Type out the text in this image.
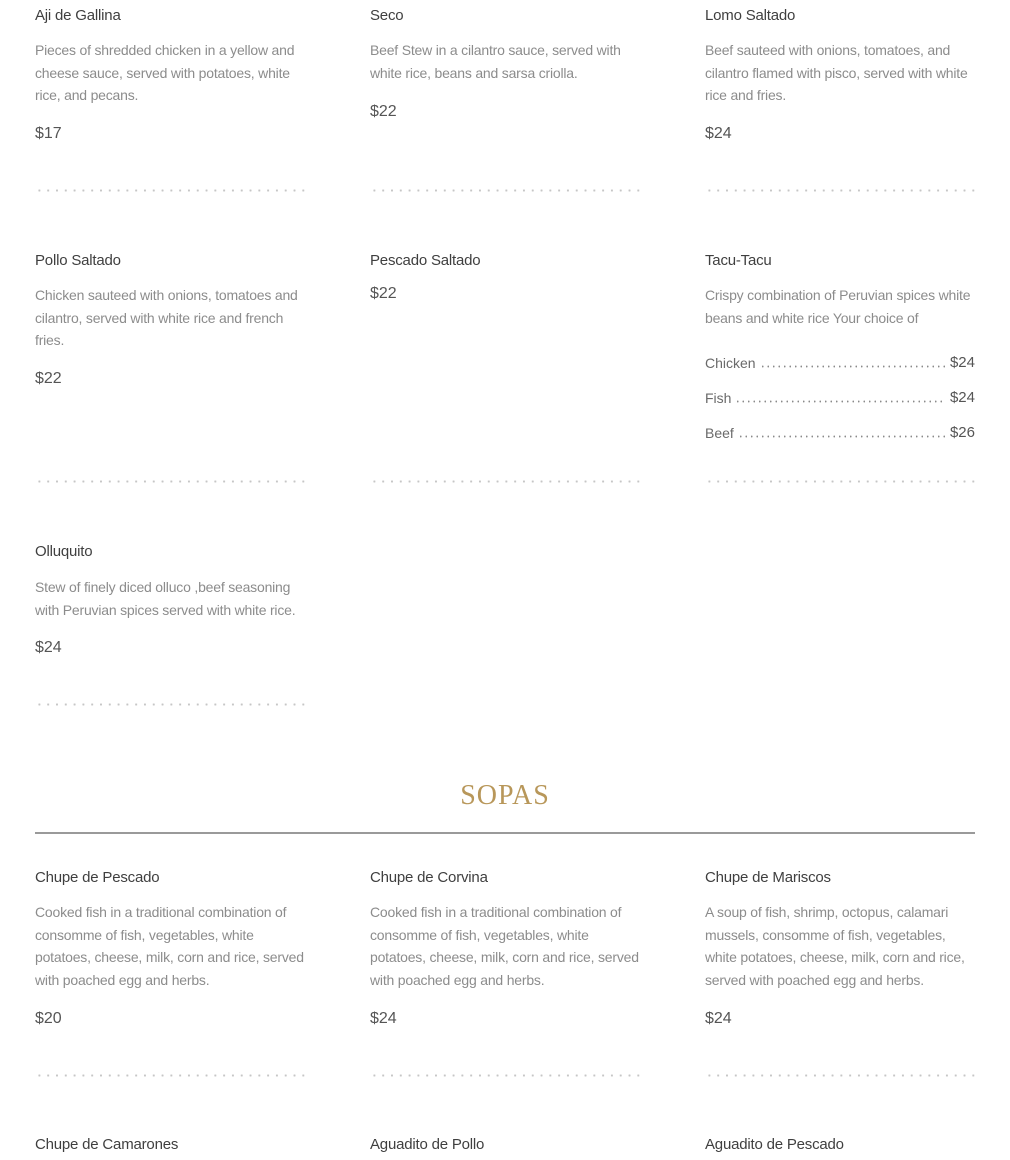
Aji de Gallina
Pieces of shredded chicken in a yellow and cheese sauce, served with potatoes, white rice, and pecans.
$17
Seco
Beef Stew in a cilantro sauce, served with white rice, beans and sarsa criolla.
$22
Lomo Saltado
Beef sauteed with onions, tomatoes, and cilantro flamed with pisco, served with white rice and fries.
$24
Pollo Saltado
Chicken sauteed with onions, tomatoes and cilantro, served with white rice and french fries.
$22
Pescado Saltado
$22
Tacu-Tacu
Crispy combination of Peruvian spices white beans and white rice Your choice of
Chicken	$24
Fish	$24
Beef	$26
Olluquito
Stew of finely diced olluco ,beef seasoning with Peruvian spices served with white rice.
$24
SOPAS
Chupe de Pescado
Cooked fish in a traditional combination of consomme of fish, vegetables, white potatoes, cheese, milk, corn and rice, served with poached egg and herbs.
$20
Chupe de Corvina
Cooked fish in a traditional combination of consomme of fish, vegetables, white potatoes, cheese, milk, corn and rice, served with poached egg and herbs.
$24
Chupe de Mariscos
A soup of fish, shrimp, octopus, calamari mussels, consomme of fish, vegetables, white potatoes, cheese, milk, corn and rice, served with poached egg and herbs.
$24
Chupe de Camarones	Aguadito de Pollo	Aguadito de Pescado
